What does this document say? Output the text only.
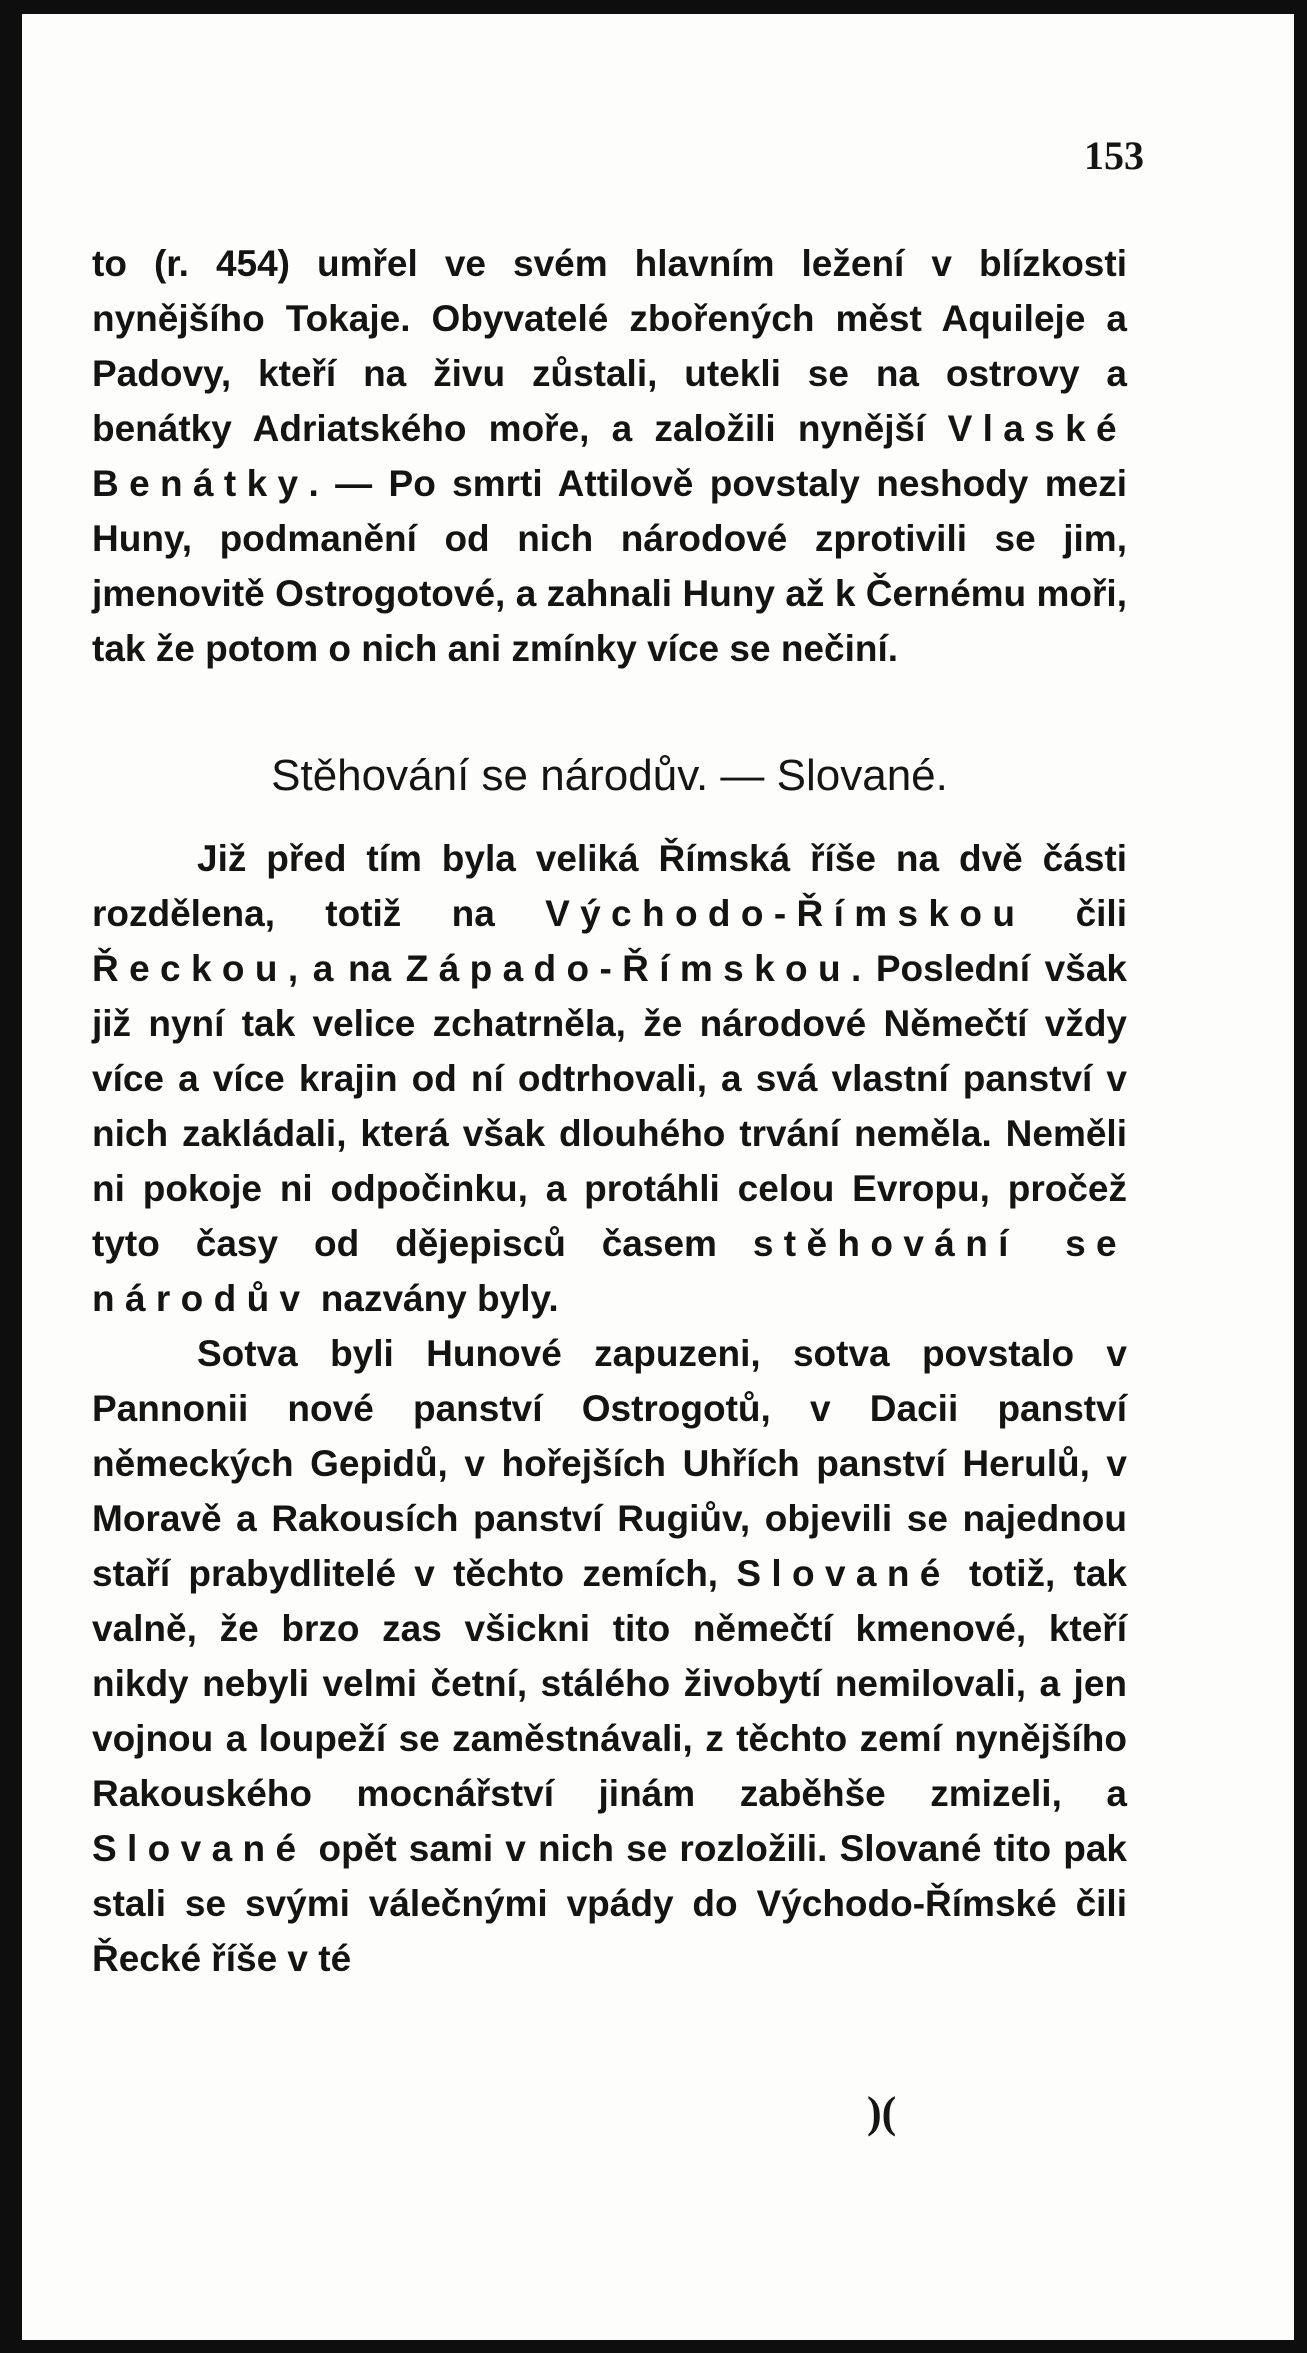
153

to (r. 454) umřel ve svém hlavním ležení v blízkosti nynějšího Tokaje. Obyvatelé zbořených měst Aquileje a Padovy, kteří na živu zůstali, utekli se na ostrovy a benátky Adriatského moře, a založili nynější Vlaské Benátky. — Po smrti Attilově povstaly neshody mezi Huny, podmanění od nich národové zprotivili se jim, jmenovitě Ostrogotové, a zahnali Huny až k Černému moři, tak že potom o nich ani zmínky více se nečiní.

Stěhování se národův. — Slované.

Již před tím byla veliká Římská říše na dvě části rozdělena, totiž na Východo-Římskou čili Řeckou, a na Západo-Římskou. Poslední však již nyní tak velice zchatrněla, že národové Němečtí vždy více a více krajin od ní odtrhovali, a svá vlastní panství v nich zakládali, která však dlouhého trvání neměla. Neměli ni pokoje ni odpočinku, a protáhli celou Evropu, pročež tyto časy od dějepisců časem stěhování se národův nazvány byly.

Sotva byli Hunové zapuzeni, sotva povstalo v Pannonii nové panství Ostrogotů, v Dacii panství německých Gepidů, v hořejších Uhřích panství Herulů, v Moravě a Rakousích panství Rugiův, objevili se najednou staří prabydlitelé v těchto zemích, Slované totiž, tak valně, že brzo zas všickni tito němečtí kmenové, kteří nikdy nebyli velmi četní, stálého živobytí nemilovali, a jen vojnou a loupeží se zaměstnávali, z těchto zemí nynějšího Rakouského mocnářství jinám zaběhše zmizeli, a Slované opět sami v nich se rozložili. Slované tito pak stali se svými válečnými vpády do Východo-Římské čili Řecké říše v té

)(
